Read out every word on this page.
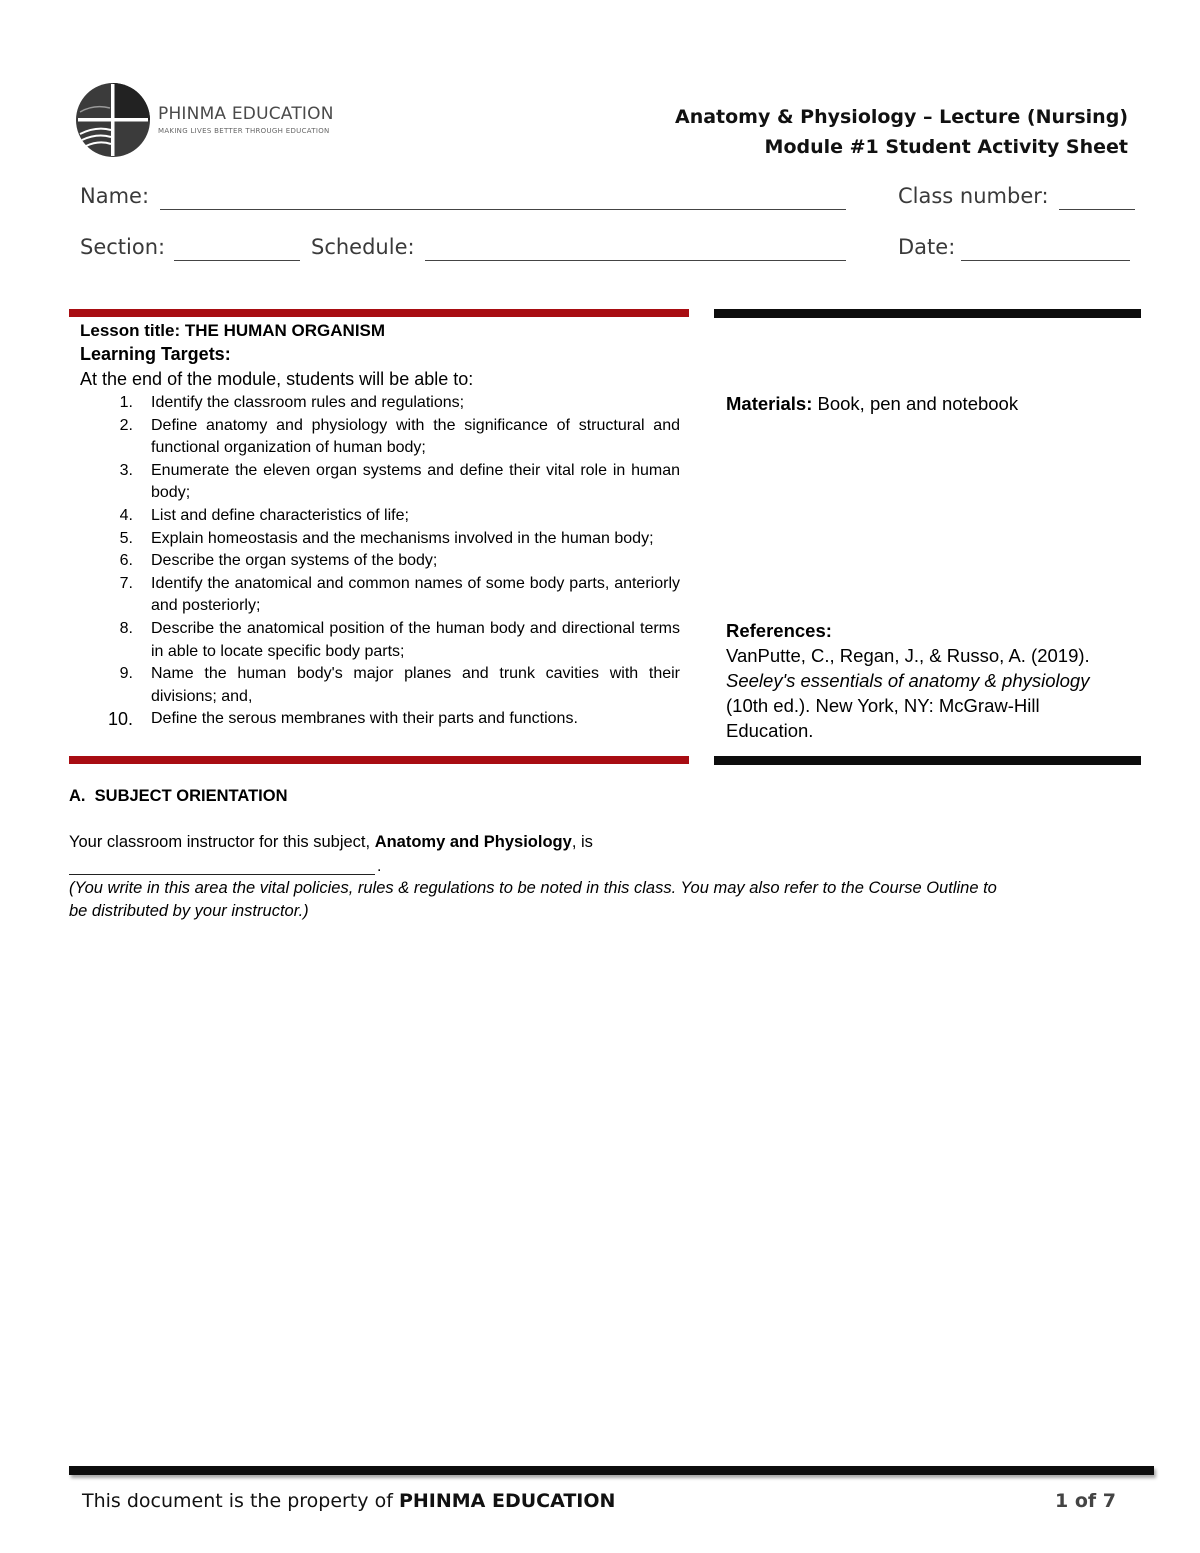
PHINMA EDUCATION
MAKING LIVES BETTER THROUGH EDUCATION
Anatomy & Physiology – Lecture (Nursing)
Module #1 Student Activity Sheet
Name:	Class number:
Section:	Schedule:	Date:
Lesson title: THE HUMAN ORGANISM
Learning Targets:
At the end of the module, students will be able to:
1. Identify the classroom rules and regulations;
2. Define anatomy and physiology with the significance of structural and functional organization of human body;
3. Enumerate the eleven organ systems and define their vital role in human body;
4. List and define characteristics of life;
5. Explain homeostasis and the mechanisms involved in the human body;
6. Describe the organ systems of the body;
7. Identify the anatomical and common names of some body parts, anteriorly and posteriorly;
8. Describe the anatomical position of the human body and directional terms in able to locate specific body parts;
9. Name the human body's major planes and trunk cavities with their divisions; and,
10. Define the serous membranes with their parts and functions.
Materials: Book, pen and notebook
References:
VanPutte, C., Regan, J., & Russo, A. (2019). Seeley's essentials of anatomy & physiology (10th ed.). New York, NY: McGraw-Hill Education.
A.  SUBJECT ORIENTATION
Your classroom instructor for this subject, Anatomy and Physiology, is
.
(You write in this area the vital policies, rules & regulations to be noted in this class. You may also refer to the Course Outline to be distributed by your instructor.)
This document is the property of PHINMA EDUCATION	1 of 7
